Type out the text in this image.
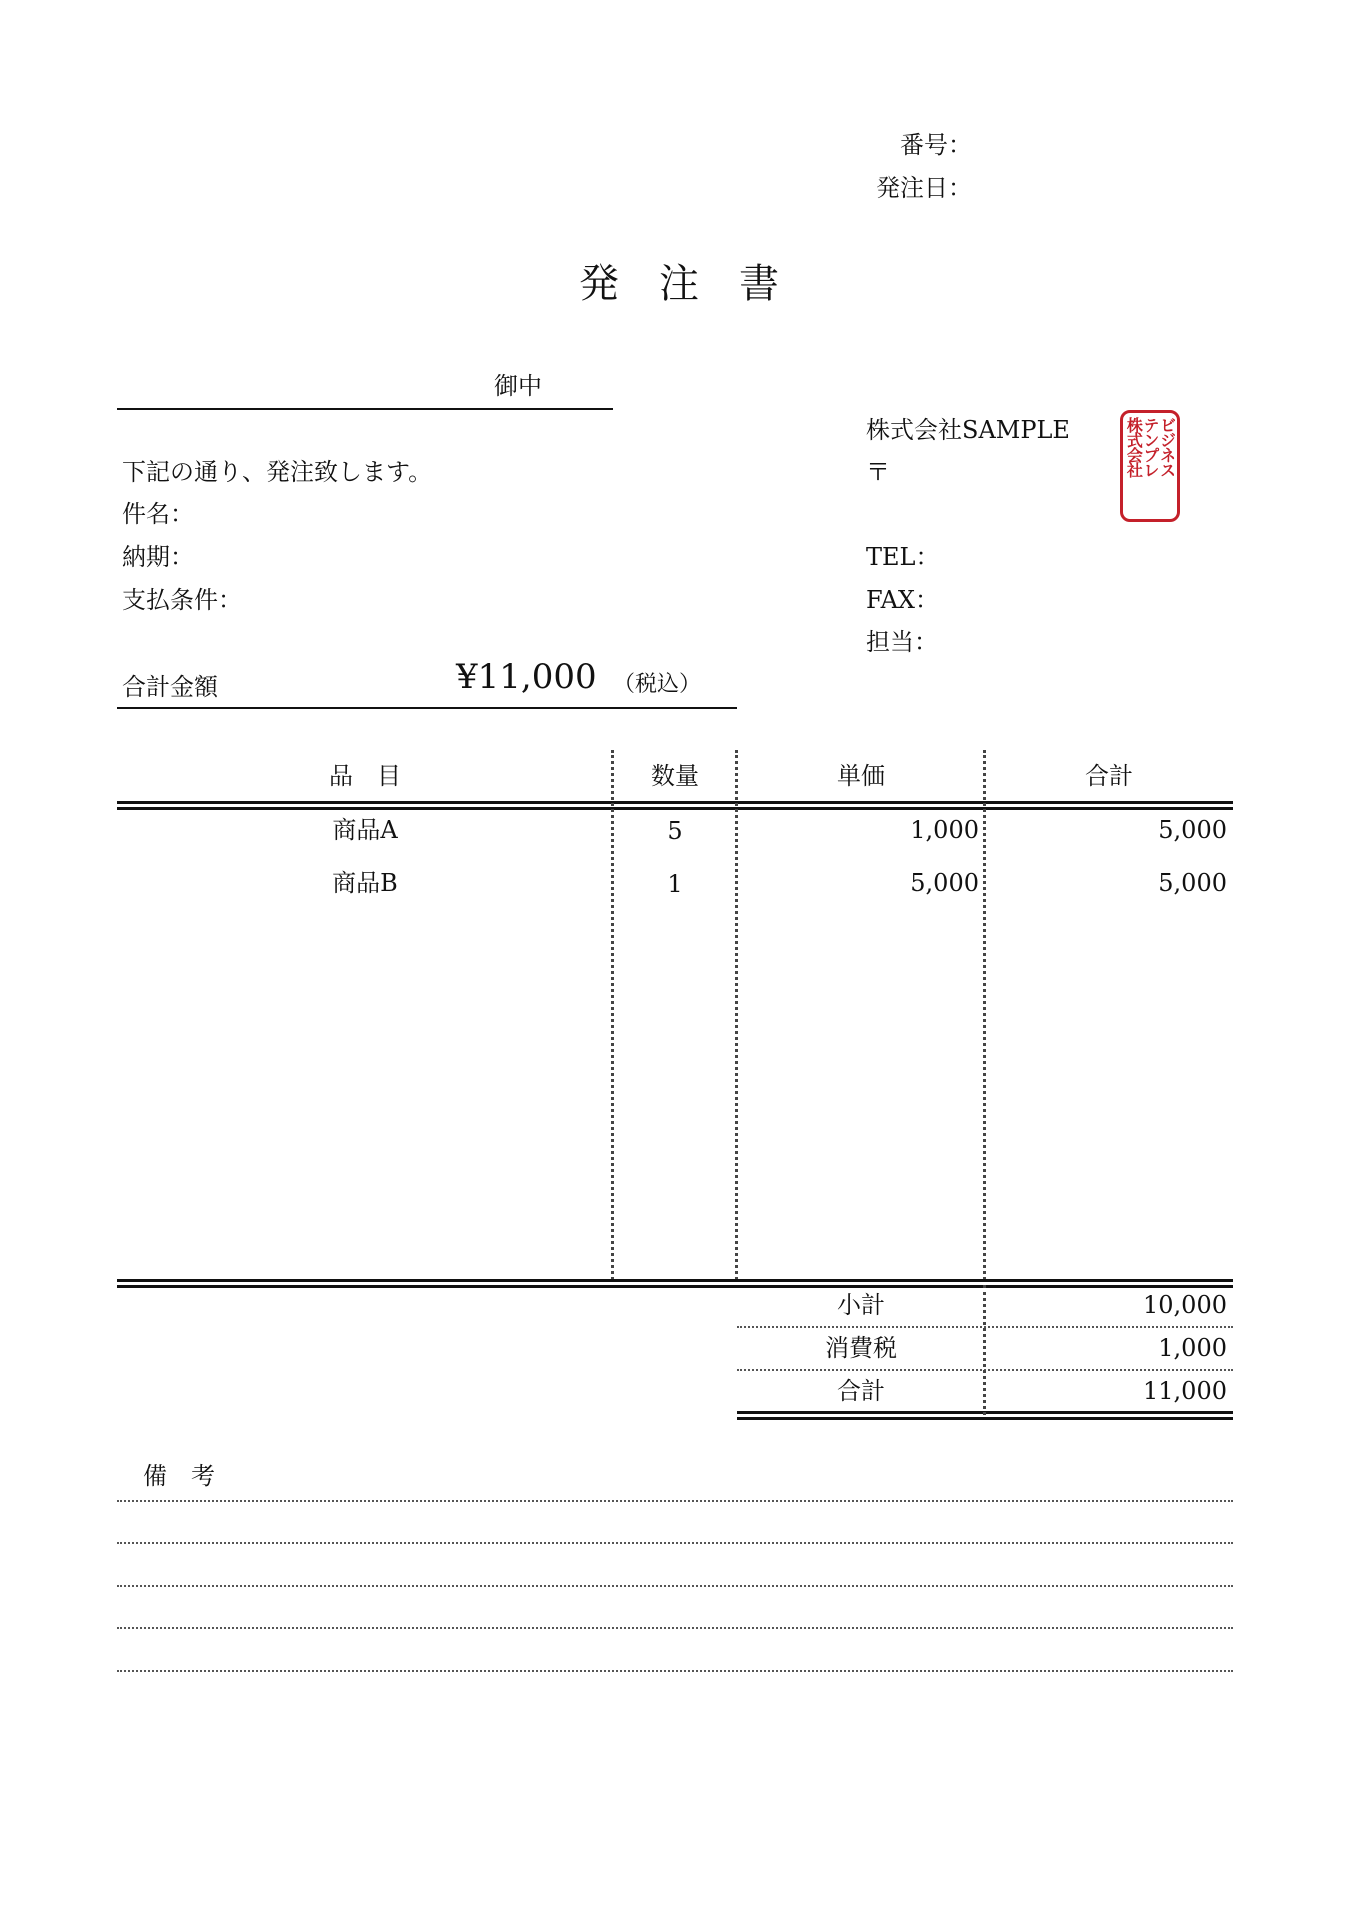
番号：
発注日：
発　注　書
御中
下記の通り、発注致します。
件名：
納期：
支払条件：
合計金額	¥11,000 （税込）
株式会社SAMPLE
〒
TEL：
FAX：
担当：
ビジネス
テンプレ
株式会社
品　目	数量	単価	合計
商品A	5	1,000	5,000
商品B	1	5,000	5,000
小計	10,000
消費税	1,000
合計	11,000
備　考
